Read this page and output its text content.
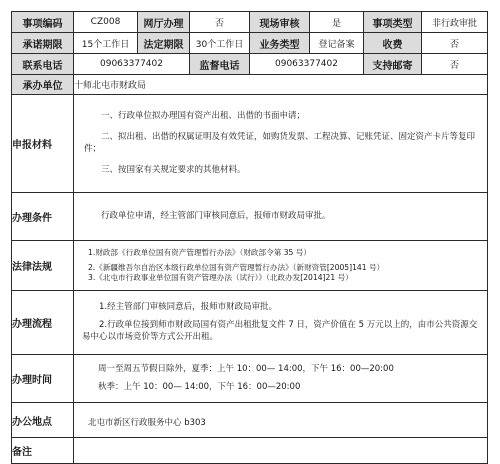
事项编码	CZ008	网厅办理	否	现场审核	是	事项类型	非行政审批
承诺期限	15个工作日	法定期限	30个工作日	业务类型	登记备案	收费	否
联系电话	09063377402		监督电话	09063377402		支持邮寄	否
承办单位	十师北屯市财政局						
申报材料	一、行政单位拟办理国有资产出租、出借的书面申请；

二、拟出租、出借的权属证明及有效凭证，如购货发票、工程决算、记账凭证、固定资产卡片等复印件；

三、按国家有关规定要求的其他材料。						

办理条件	行政单位申请，经主管部门审核同意后，报师市财政局审批。						

法律法规	1.财政部《行政单位国有资产管理暂行办法》（财政部令第 35 号）

2.《新疆维吾尔自治区本级行政单位国有资产管理暂行办法》（新财资管[2005]141 号）

3.《北屯市行政事业单位国有资产管理办法（试行）》（北政办发[2014]21 号）						

办理流程	1.经主管部门审核同意后，报师市财政局审批。

2.行政单位接到师市财政局国有资产出租批复文件 7 日，资产价值在 5 万元以上的，由市公共资源交易中心以市场竞价等方式公开出租。						

办理时间	周一至周五节假日除外，夏季：上午 10：00— 14:00，下午 16：00—20:00

秋季：上午 10：00— 14:00，下午 16：00—20:00						

办公地点	北屯市新区行政服务中心 b303						

备注							
